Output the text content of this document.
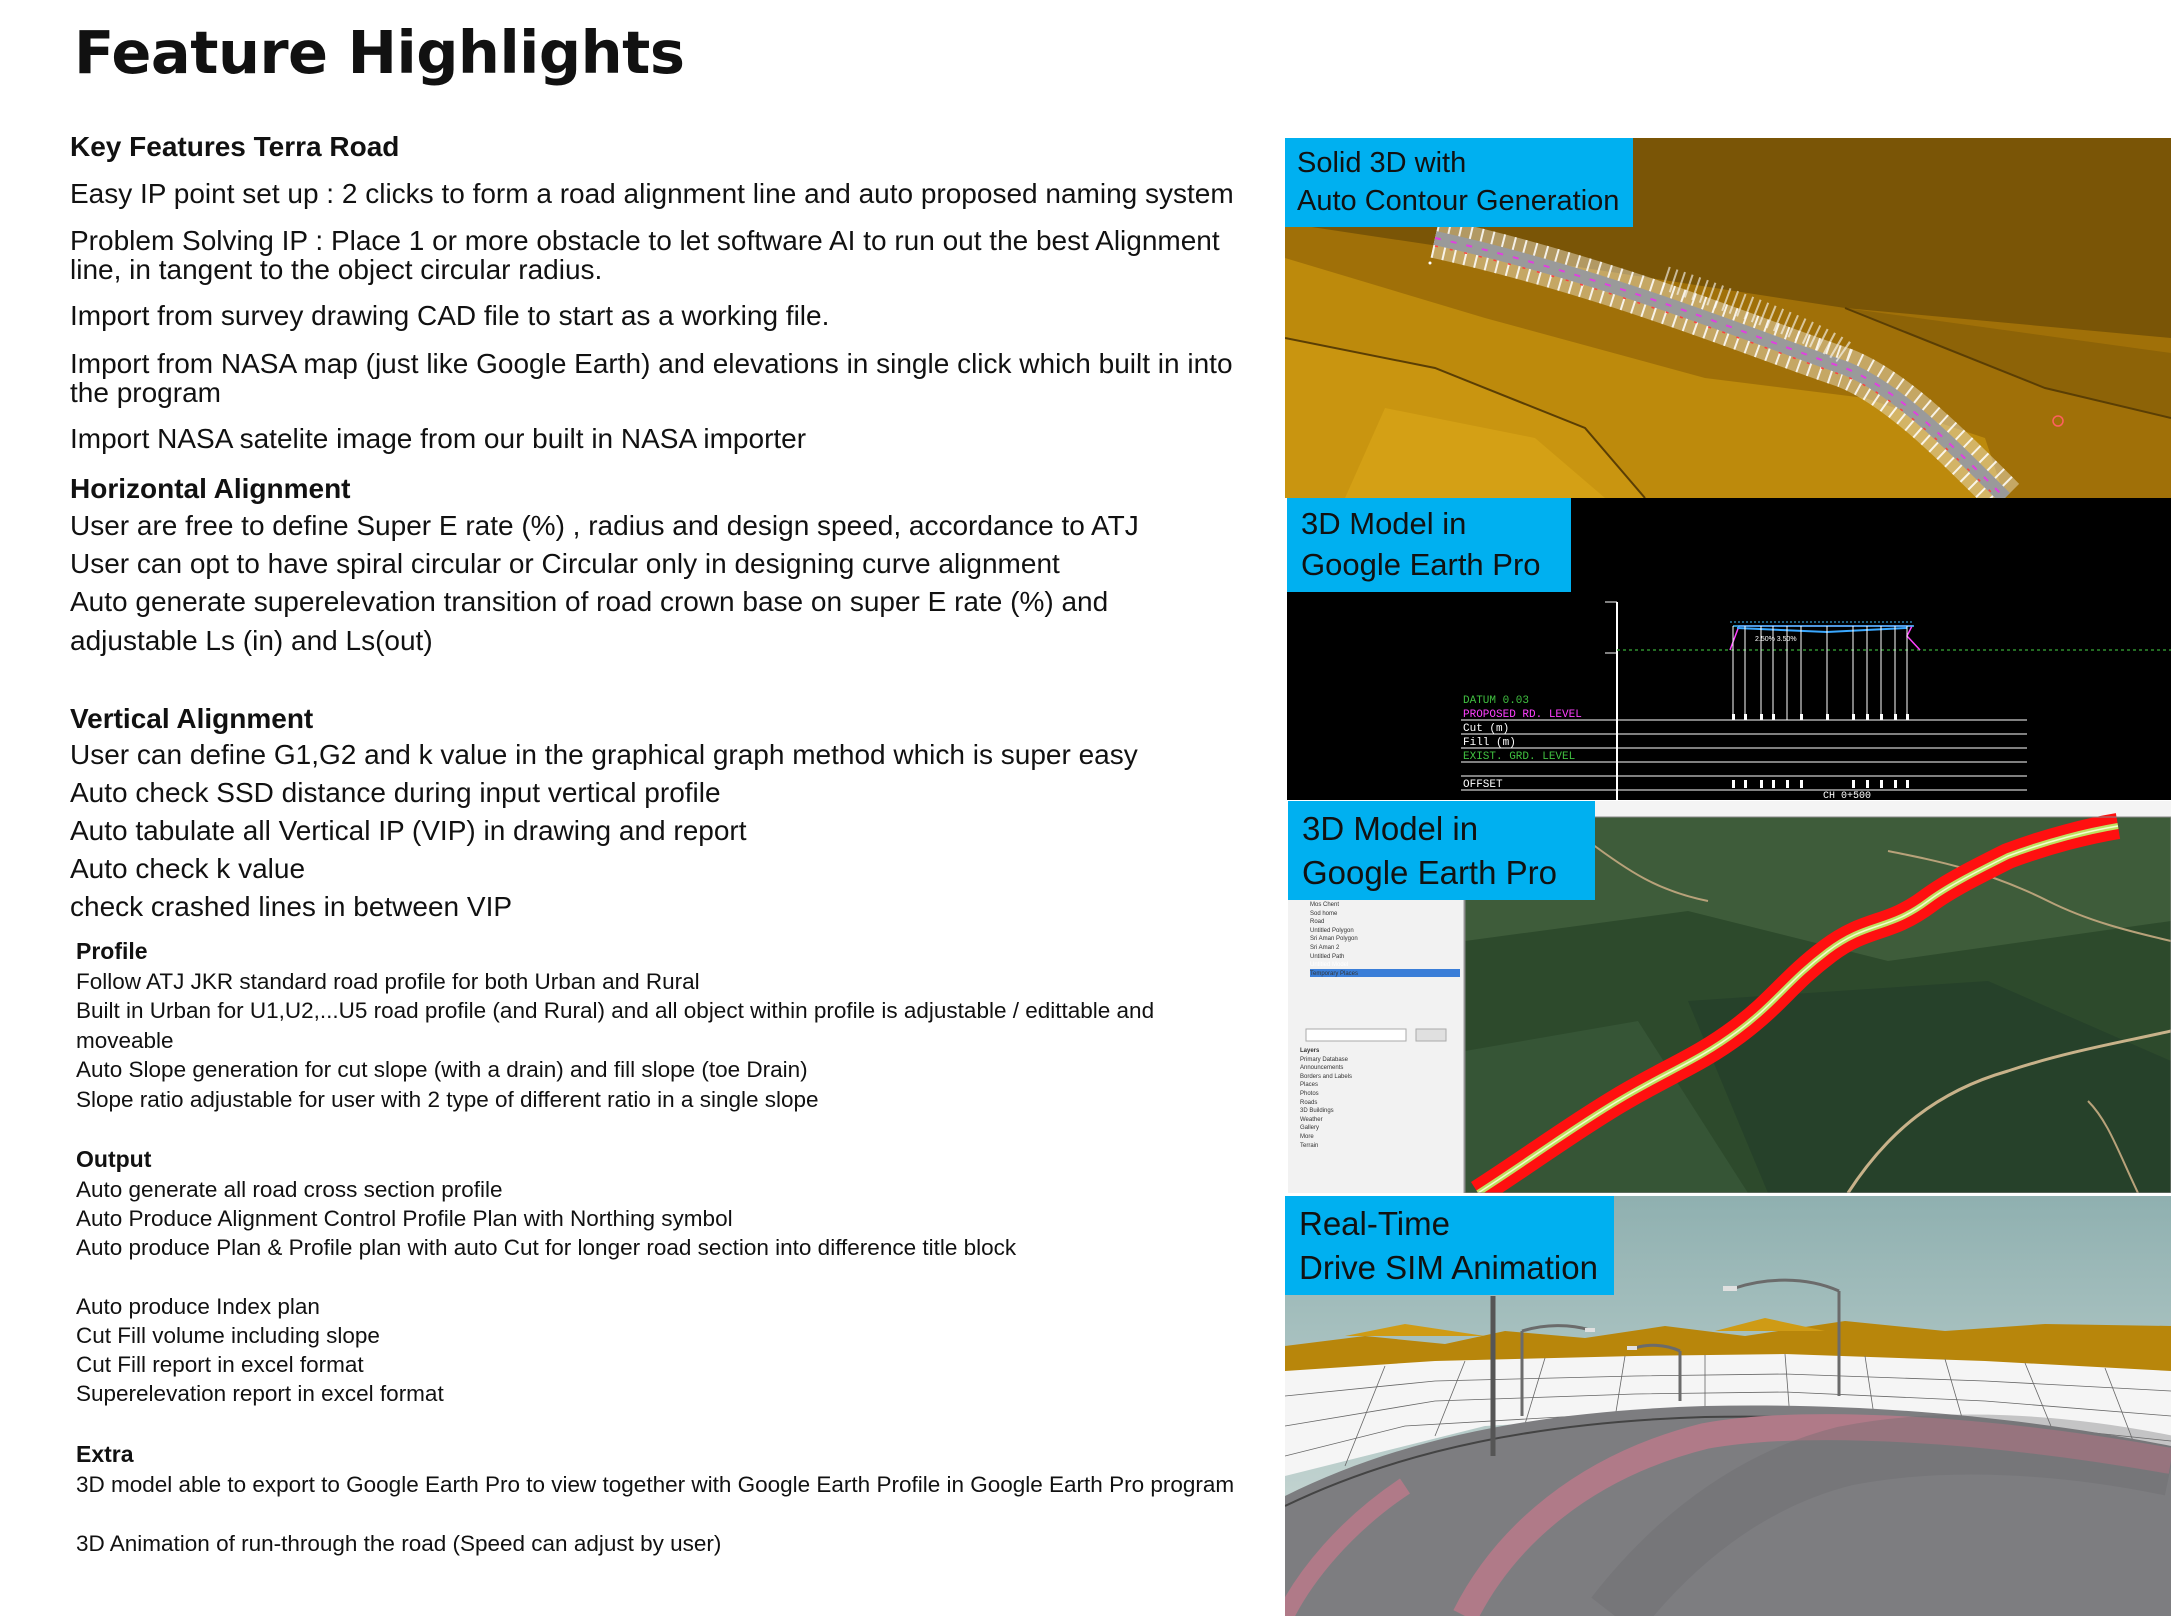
Feature Highlights

Key Features Terra Road

Easy IP point set up : 2 clicks to form a road alignment line and auto proposed naming system

Problem Solving IP : Place 1 or more obstacle to let software AI to run out the best Alignment line, in tangent to the object circular radius.

Import from survey drawing CAD file to start as a working file.

Import from NASA map (just like Google Earth) and elevations in single click which built in into the program

Import NASA satelite image from our built in NASA importer

Horizontal Alignment

User are free to define Super E rate (%) , radius and design speed, accordance to ATJ

User can opt to have spiral circular or Circular only in designing curve alignment

Auto generate superelevation transition of road crown base on super E rate (%) and

adjustable Ls (in) and Ls(out)

Vertical Alignment

User can define G1,G2 and k value in the graphical graph method which is super easy

Auto check SSD distance during input vertical profile

Auto tabulate all Vertical IP (VIP) in drawing and report

Auto check k value

check crashed lines in between VIP

Profile

Follow ATJ JKR standard road profile for both Urban and Rural

Built in Urban for U1,U2,...U5 road profile (and Rural) and all object within profile is adjustable / edittable and moveable

Auto Slope generation for cut slope (with a drain) and fill slope (toe Drain)

Slope ratio adjustable for user with 2 type of different ratio in a single slope

Output

Auto generate all road cross section profile

Auto Produce Alignment Control Profile Plan with Northing symbol

Auto produce Plan & Profile plan with auto Cut for longer road section into difference title block

Auto produce Index plan

Cut Fill volume including slope

Cut Fill report in excel format

Superelevation report in excel format

Extra

3D model able to export to Google Earth Pro to view together with Google Earth Profile in Google Earth Pro program

3D Animation of run-through the road (Speed can adjust by user)

Solid 3D with
Auto Contour Generation
2.50% 3.50%
DATUM 0.03
PROPOSED RD. LEVEL
Cut (m)
Fill (m)
EXIST. GRD. LEVEL
OFFSET
CH 0+500
3D Model in
Google Earth Pro
Mos Chent
Sod home
Road
Untitled Polygon
Sri Aman Polygon
Sri Aman 2
Untitled Path
Untitled Model
Temporary Places
Layers
Primary Database
Announcements
Borders and Labels
Places
Photos
Roads
3D Buildings
Weather
Gallery
More
Terrain
3D Model in
Google Earth Pro
Real-Time
Drive SIM Animation
